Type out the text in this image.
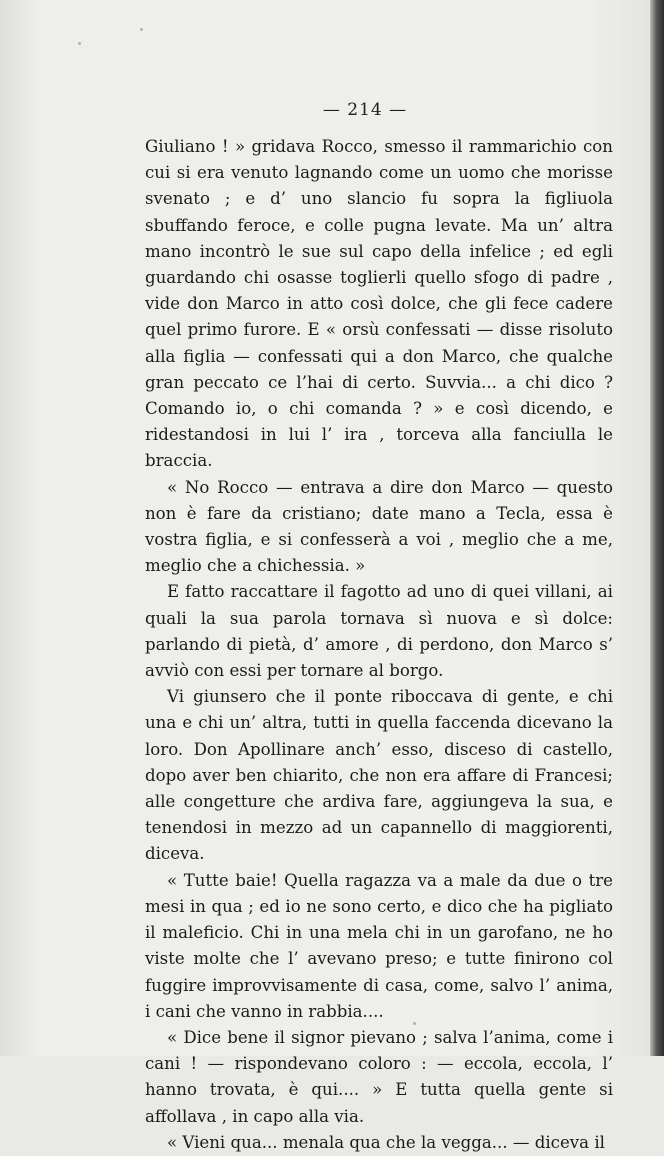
— 214 —

Giuliano ! » gridava Rocco, smesso il rammarichio con cui si era venuto lagnando come un uomo che morisse svenato ; e d’ uno slancio fu sopra la figliuola sbuffando feroce, e colle pugna levate. Ma un’ altra mano incontrò le sue sul capo della infelice ; ed egli guardando chi osasse toglierli quello sfogo di padre , vide don Marco in atto così dolce, che gli fece cadere quel primo furore. E « orsù confessati — disse risoluto alla figlia — confessati qui a don Marco, che qualche gran peccato ce l’hai di certo. Suvvia... a chi dico ? Comando io, o chi comanda ? » e così dicendo, e ridestandosi in lui l’ ira , torceva alla fanciulla le braccia.

« No Rocco — entrava a dire don Marco — questo non è fare da cristiano; date mano a Tecla, essa è vostra figlia, e si confesserà a voi , meglio che a me, meglio che a chichessia. »

E fatto raccattare il fagotto ad uno di quei villani, ai quali la sua parola tornava sì nuova e sì dolce: parlando di pietà, d’ amore , di perdono, don Marco s’ avviò con essi per tornare al borgo.

Vi giunsero che il ponte riboccava di gente, e chi una e chi un’ altra, tutti in quella faccenda dicevano la loro. Don Apollinare anch’ esso, disceso di castello, dopo aver ben chiarito, che non era affare di Francesi; alle congetture che ardiva fare, aggiungeva la sua, e tenendosi in mezzo ad un capannello di maggiorenti, diceva.

« Tutte baie! Quella ragazza va a male da due o tre mesi in qua ; ed io ne sono certo, e dico che ha pigliato il maleficio. Chi in una mela chi in un garofano, ne ho viste molte che l’ avevano preso; e tutte finirono col fuggire improvvisamente di casa, come, salvo l’ anima, i cani che vanno in rabbia....

« Dice bene il signor pievano ; salva l’anima, come i cani ! — rispondevano coloro : — eccola, eccola, l’ hanno trovata, è qui.... » E tutta quella gente si affollava , in capo alla via.

« Vieni qua... menala qua che la vegga... — diceva il
